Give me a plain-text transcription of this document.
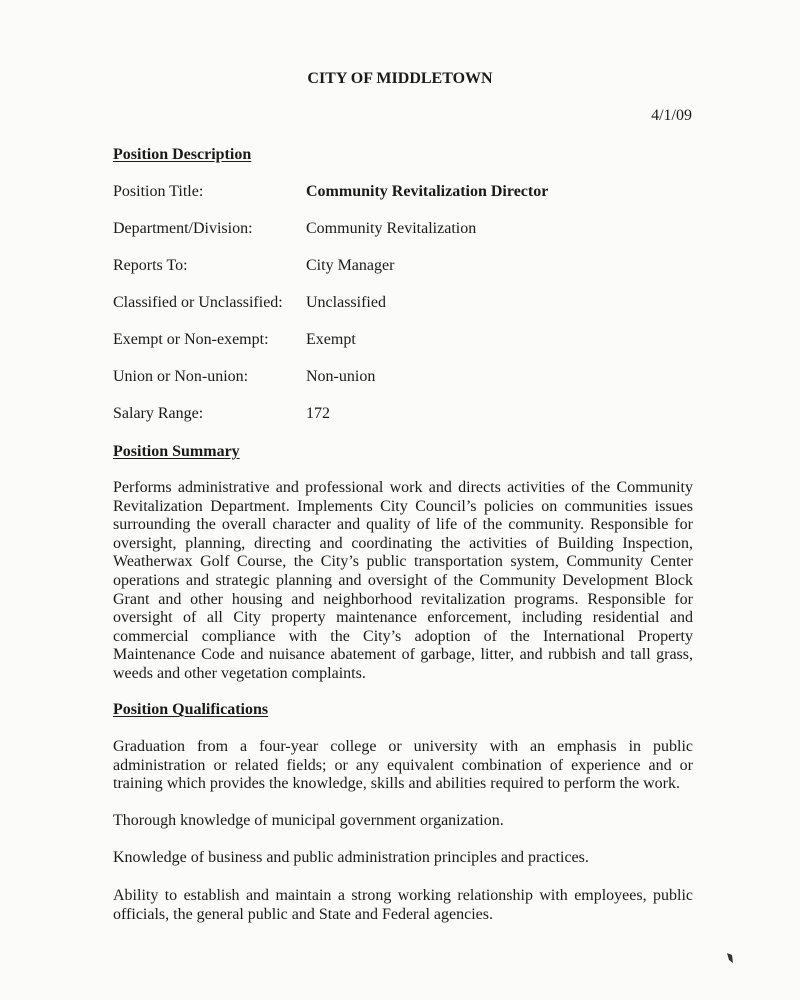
CITY OF MIDDLETOWN
4/1/09
Position Description
Position Title:	Community Revitalization Director
Department/Division:	Community Revitalization
Reports To:	City Manager
Classified or Unclassified: Unclassified
Exempt or Non-exempt: Exempt
Union or Non-union:	Non-union
Salary Range:	172
Position Summary

Performs administrative and professional work and directs activities of the Community Revitalization Department. Implements City Council’s policies on communities issues surrounding the overall character and quality of life of the community. Responsible for oversight, planning, directing and coordinating the activities of Building Inspection, Weatherwax Golf Course, the City’s public transportation system, Community Center operations and strategic planning and oversight of the Community Development Block Grant and other housing and neighborhood revitalization programs. Responsible for oversight of all City property maintenance enforcement, including residential and commercial compliance with the City’s adoption of the International Property Maintenance Code and nuisance abatement of garbage, litter, and rubbish and tall grass, weeds and other vegetation complaints.

Position Qualifications

Graduation from a four-year college or university with an emphasis in public administration or related fields; or any equivalent combination of experience and or training which provides the knowledge, skills and abilities required to perform the work.

Thorough knowledge of municipal government organization.

Knowledge of business and public administration principles and practices.

Ability to establish and maintain a strong working relationship with employees, public officials, the general public and State and Federal agencies.
